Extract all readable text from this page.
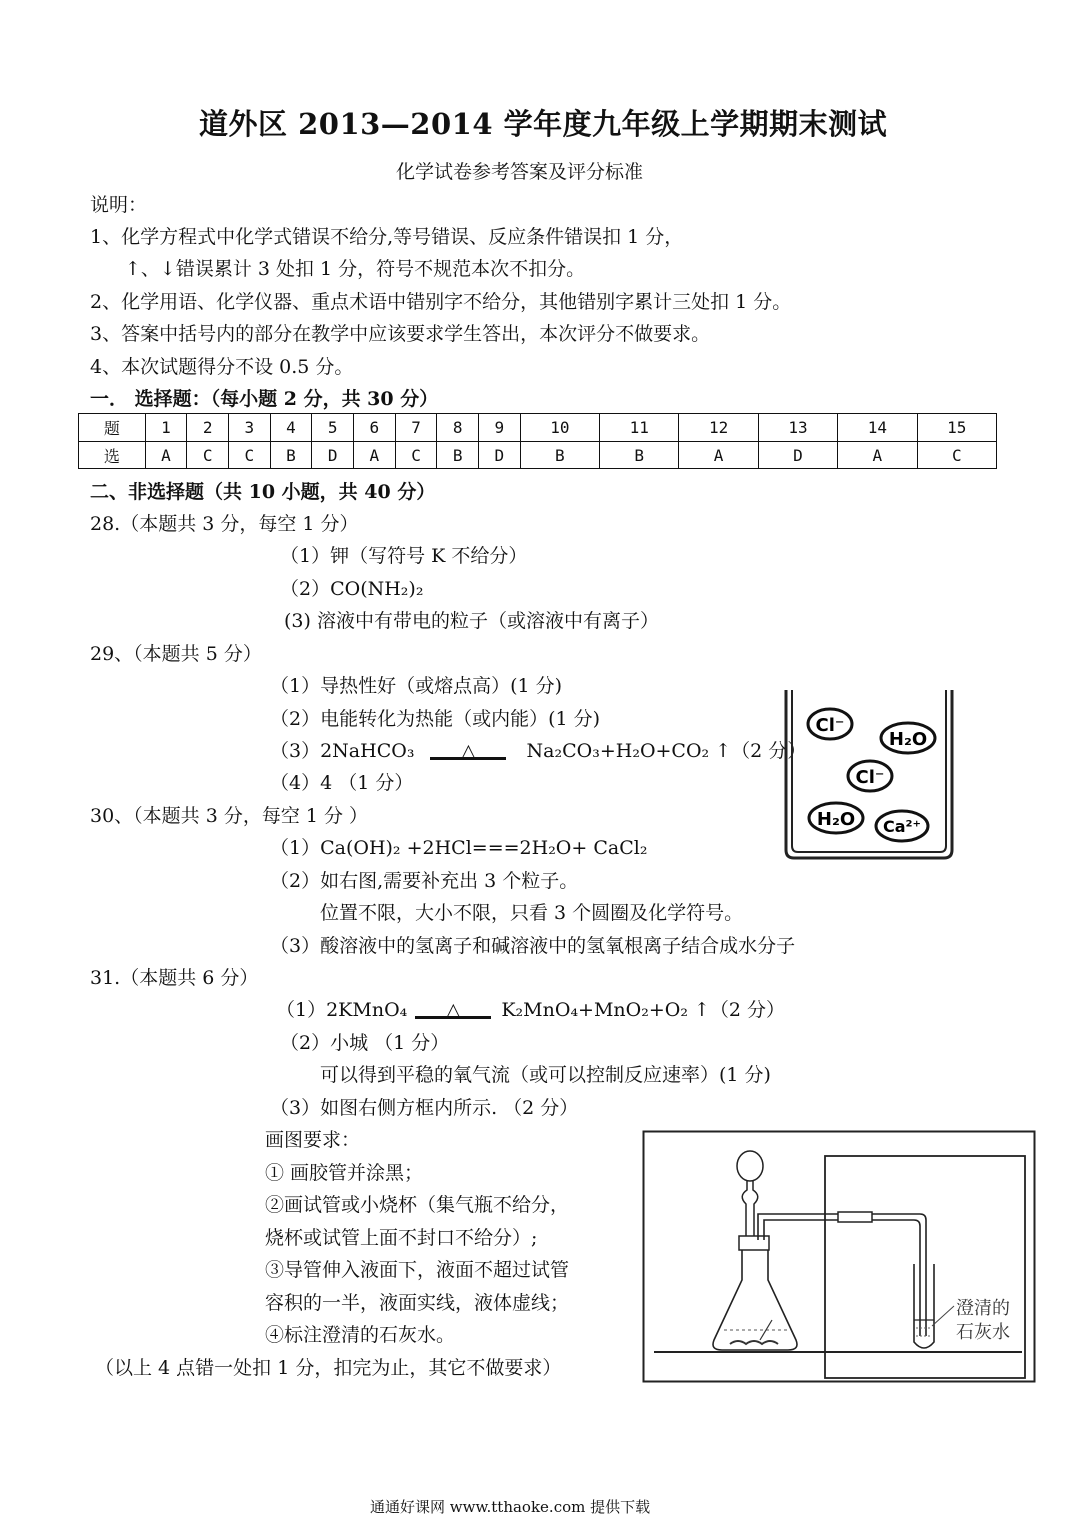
道外区 2013—2014 学年度九年级上学期期末测试
化学试卷参考答案及评分标准
说明：
1、化学方程式中化学式错误不给分,等号错误、反应条件错误扣 1 分，
↑、↓错误累计 3 处扣 1 分，符号不规范本次不扣分。
2、化学用语、化学仪器、重点术语中错别字不给分，其他错别字累计三处扣 1 分。
3、答案中括号内的部分在教学中应该要求学生答出，本次评分不做要求。
4、本次试题得分不设 0.5 分。
一． 选择题：（每小题 2 分，共 30 分）
题	1	2	3	4	5	6	7	8	9	10	11	12	13	14	15
选	A	C	C	B	D	A	C	B	D	B	B	A	D	A	C
二、非选择题（共 10 小题，共 40 分）
28.（本题共 3 分，每空 1 分）
（1）钾（写符号 K 不给分）
（2）CO(NH₂)₂
(3) 溶液中有带电的粒子（或溶液中有离子）
29、（本题共 5 分）
（1）导热性好（或熔点高）(1 分)
（2）电能转化为热能（或内能）(1 分)
（3）2NaHCO₃ △	Na₂CO₃+H₂O+CO₂ ↑（2 分）
（4）4 （1 分）
30、（本题共 3 分，每空 1 分 ）
（1）Ca(OH)₂ +2HCl===2H₂O+ CaCl₂
（2）如右图,需要补充出 3 个粒子。
位置不限，大小不限，只看 3 个圆圈及化学符号。
（3）酸溶液中的氢离子和碱溶液中的氢氧根离子结合成水分子
Cl⁻
H₂O
Cl⁻
H₂O Ca²⁺
31.（本题共 6 分）
（1）2KMnO₄ △ K₂MnO₄+MnO₂+O₂ ↑（2 分）
（2）小城 （1 分）
可以得到平稳的氧气流（或可以控制反应速率）(1 分)
（3）如图右侧方框内所示. （2 分）
画图要求：
① 画胶管并涂黑；
②画试管或小烧杯（集气瓶不给分，
烧杯或试管上面不封口不给分）;
③导管伸入液面下，液面不超过试管
容积的一半，液面实线，液体虚线；
④标注澄清的石灰水。
（以上 4 点错一处扣 1 分，扣完为止，其它不做要求）
澄清的
石灰水
通通好课网 www.tthaoke.com 提供下载
